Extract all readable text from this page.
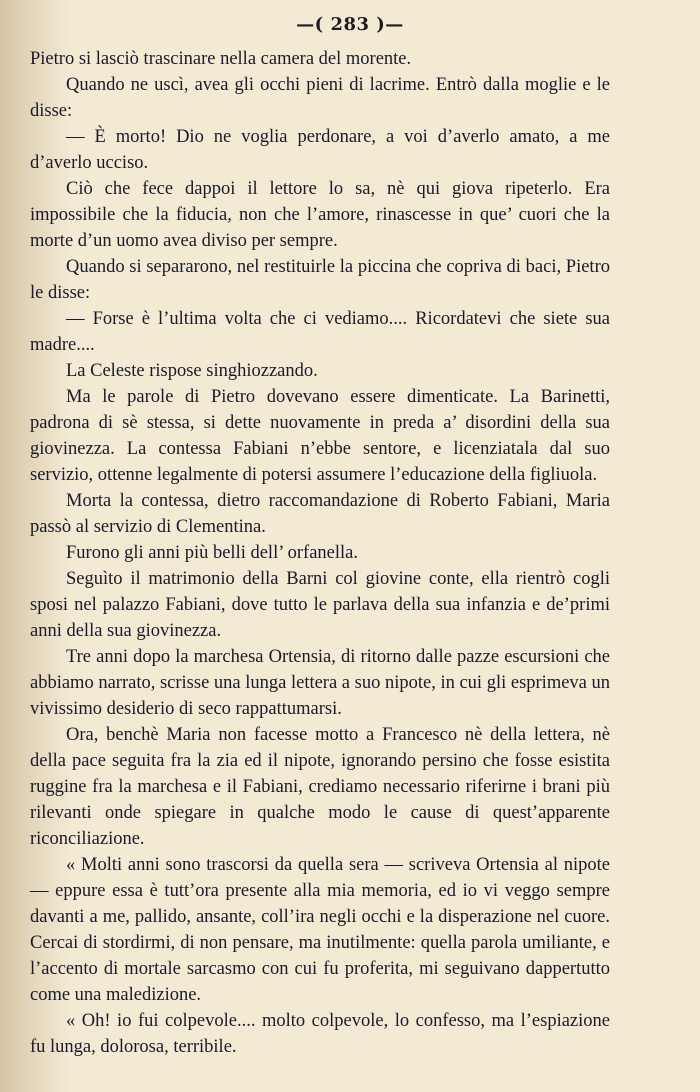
—( 283 )—

Pietro si lasciò trascinare nella camera del morente.

Quando ne uscì, avea gli occhi pieni di lacrime. Entrò dalla moglie e le disse:

— È morto! Dio ne voglia perdonare, a voi d’averlo amato, a me d’averlo ucciso.

Ciò che fece dappoi il lettore lo sa, nè qui giova ripeterlo. Era impossibile che la fiducia, non che l’amore, rinascesse in que’ cuori che la morte d’un uomo avea diviso per sempre.

Quando si separarono, nel restituirle la piccina che copriva di baci, Pietro le disse:

— Forse è l’ultima volta che ci vediamo.... Ricordatevi che siete sua madre....

La Celeste rispose singhiozzando.

Ma le parole di Pietro dovevano essere dimenticate. La Barinetti, padrona di sè stessa, si dette nuovamente in preda a’ disordini della sua giovinezza. La contessa Fabiani n’ebbe sentore, e licenziatala dal suo servizio, ottenne legalmente di potersi assumere l’educazione della figliuola.

Morta la contessa, dietro raccomandazione di Roberto Fabiani, Maria passò al servizio di Clementina.

Furono gli anni più belli dell’ orfanella.

Seguìto il matrimonio della Barni col giovine conte, ella rientrò cogli sposi nel palazzo Fabiani, dove tutto le parlava della sua infanzia e de’primi anni della sua giovinezza.

Tre anni dopo la marchesa Ortensia, di ritorno dalle pazze escursioni che abbiamo narrato, scrisse una lunga lettera a suo nipote, in cui gli esprimeva un vivissimo desiderio di seco rappattumarsi.

Ora, benchè Maria non facesse motto a Francesco nè della lettera, nè della pace seguita fra la zia ed il nipote, ignorando persino che fosse esistita ruggine fra la marchesa e il Fabiani, crediamo necessario riferirne i brani più rilevanti onde spiegare in qualche modo le cause di quest’apparente riconciliazione.

« Molti anni sono trascorsi da quella sera — scriveva Ortensia al nipote — eppure essa è tutt’ora presente alla mia memoria, ed io vi veggo sempre davanti a me, pallido, ansante, coll’ira negli occhi e la disperazione nel cuore. Cercai di stordirmi, di non pensare, ma inutilmente: quella parola umiliante, e l’accento di mortale sarcasmo con cui fu proferita, mi seguivano dappertutto come una maledizione.

« Oh! io fui colpevole.... molto colpevole, lo confesso, ma l’espiazione fu lunga, dolorosa, terribile.
